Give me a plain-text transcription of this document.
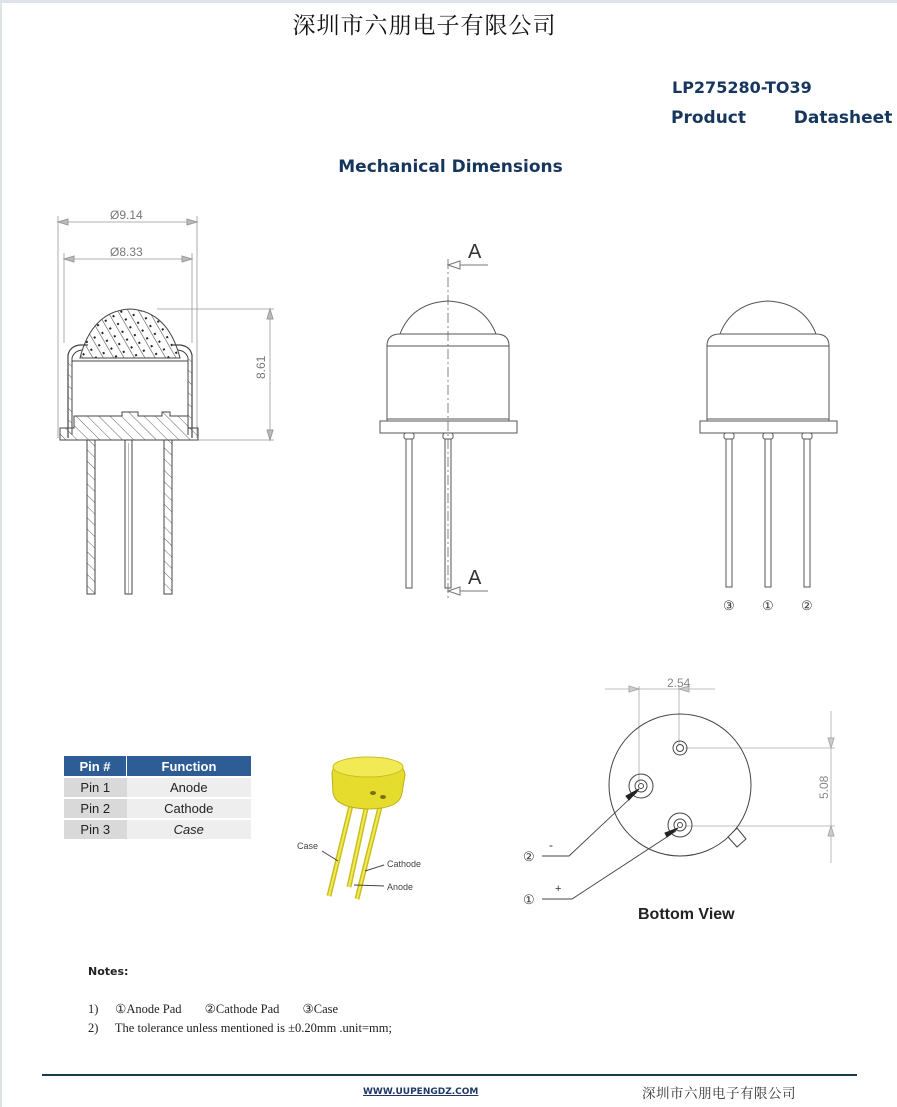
深圳市六朋电子有限公司
LP275280-TO39
Product   Datasheet
Mechanical Dimensions
Ø9.14
Ø8.33
8.61
A
A
③ ① ②
Case
Cathode
Anode
2.54
5.08
②
-
①
+
Pin #	Function
Pin 1	Anode
Pin 2	Cathode
Pin 3	Case
Bottom View
Notes:
1) ①Anode Pad ②Cathode Pad ③Case
2) The tolerance unless mentioned is ±0.20mm .unit=mm;
WWW.UUPENGDZ.COM	深圳市六朋电子有限公司
